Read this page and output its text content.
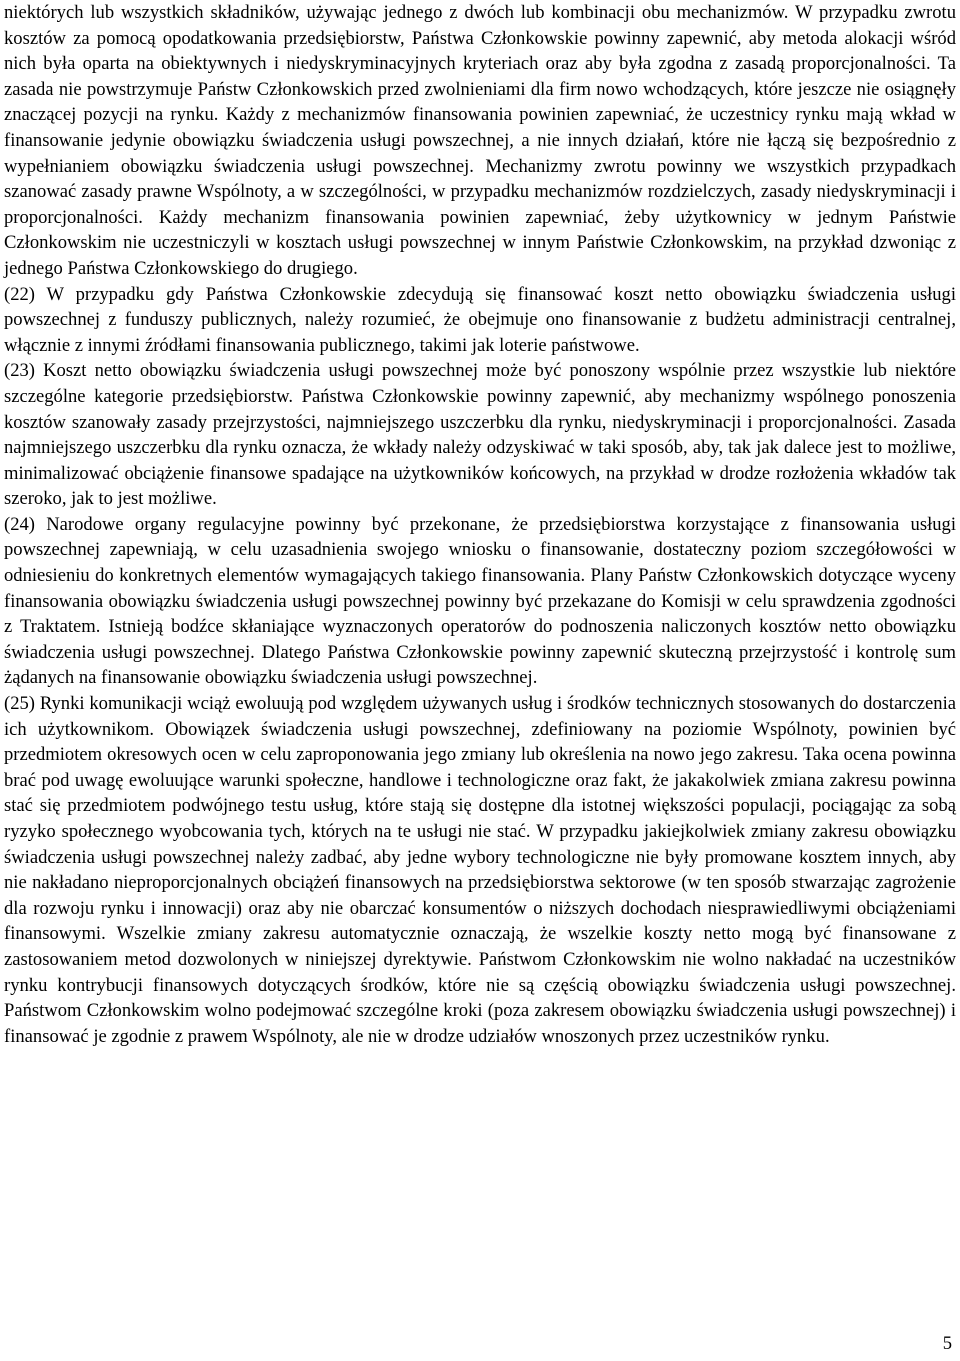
niektórych lub wszystkich składników, używając jednego z dwóch lub kombinacji obu mechanizmów. W przypadku zwrotu kosztów za pomocą opodatkowania przedsiębiorstw, Państwa Członkowskie powinny zapewnić, aby metoda alokacji wśród nich była oparta na obiektywnych i niedyskryminacyjnych kryteriach oraz aby była zgodna z zasadą proporcjonalności. Ta zasada nie powstrzymuje Państw Członkowskich przed zwolnieniami dla firm nowo wchodzących, które jeszcze nie osiągnęły znaczącej pozycji na rynku. Każdy z mechanizmów finansowania powinien zapewniać, że uczestnicy rynku mają wkład w finansowanie jedynie obowiązku świadczenia usługi powszechnej, a nie innych działań, które nie łączą się bezpośrednio z wypełnianiem obowiązku świadczenia usługi powszechnej. Mechanizmy zwrotu powinny we wszystkich przypadkach szanować zasady prawne Wspólnoty, a w szczególności, w przypadku mechanizmów rozdzielczych, zasady niedyskryminacji i proporcjonalności. Każdy mechanizm finansowania powinien zapewniać, żeby użytkownicy w jednym Państwie Członkowskim nie uczestniczyli w kosztach usługi powszechnej w innym Państwie Członkowskim, na przykład dzwoniąc z jednego Państwa Członkowskiego do drugiego.

(22) W przypadku gdy Państwa Członkowskie zdecydują się finansować koszt netto obowiązku świadczenia usługi powszechnej z funduszy publicznych, należy rozumieć, że obejmuje ono finansowanie z budżetu administracji centralnej, włącznie z innymi źródłami finansowania publicznego, takimi jak loterie państwowe.

(23) Koszt netto obowiązku świadczenia usługi powszechnej może być ponoszony wspólnie przez wszystkie lub niektóre szczególne kategorie przedsiębiorstw. Państwa Członkowskie powinny zapewnić, aby mechanizmy wspólnego ponoszenia kosztów szanowały zasady przejrzystości, najmniejszego uszczerbku dla rynku, niedyskryminacji i proporcjonalności. Zasada najmniejszego uszczerbku dla rynku oznacza, że wkłady należy odzyskiwać w taki sposób, aby, tak jak dalece jest to możliwe, minimalizować obciążenie finansowe spadające na użytkowników końcowych, na przykład w drodze rozłożenia wkładów tak szeroko, jak to jest możliwe.

(24) Narodowe organy regulacyjne powinny być przekonane, że przedsiębiorstwa korzystające z finansowania usługi powszechnej zapewniają, w celu uzasadnienia swojego wniosku o finansowanie, dostateczny poziom szczegółowości w odniesieniu do konkretnych elementów wymagających takiego finansowania. Plany Państw Członkowskich dotyczące wyceny finansowania obowiązku świadczenia usługi powszechnej powinny być przekazane do Komisji w celu sprawdzenia zgodności z Traktatem. Istnieją bodźce skłaniające wyznaczonych operatorów do podnoszenia naliczonych kosztów netto obowiązku świadczenia usługi powszechnej. Dlatego Państwa Członkowskie powinny zapewnić skuteczną przejrzystość i kontrolę sum żądanych na finansowanie obowiązku świadczenia usługi powszechnej.

(25) Rynki komunikacji wciąż ewoluują pod względem używanych usług i środków technicznych stosowanych do dostarczenia ich użytkownikom. Obowiązek świadczenia usługi powszechnej, zdefiniowany na poziomie Wspólnoty, powinien być przedmiotem okresowych ocen w celu zaproponowania jego zmiany lub określenia na nowo jego zakresu. Taka ocena powinna brać pod uwagę ewoluujące warunki społeczne, handlowe i technologiczne oraz fakt, że jakakolwiek zmiana zakresu powinna stać się przedmiotem podwójnego testu usług, które stają się dostępne dla istotnej większości populacji, pociągając za sobą ryzyko społecznego wyobcowania tych, których na te usługi nie stać. W przypadku jakiejkolwiek zmiany zakresu obowiązku świadczenia usługi powszechnej należy zadbać, aby jedne wybory technologiczne nie były promowane kosztem innych, aby nie nakładano nieproporcjonalnych obciążeń finansowych na przedsiębiorstwa sektorowe (w ten sposób stwarzając zagrożenie dla rozwoju rynku i innowacji) oraz aby nie obarczać konsumentów o niższych dochodach niesprawiedliwymi obciążeniami finansowymi. Wszelkie zmiany zakresu automatycznie oznaczają, że wszelkie koszty netto mogą być finansowane z zastosowaniem metod dozwolonych w niniejszej dyrektywie. Państwom Członkowskim nie wolno nakładać na uczestników rynku kontrybucji finansowych dotyczących środków, które nie są częścią obowiązku świadczenia usługi powszechnej. Państwom Członkowskim wolno podejmować szczególne kroki (poza zakresem obowiązku świadczenia usługi powszechnej) i finansować je zgodnie z prawem Wspólnoty, ale nie w drodze udziałów wnoszonych przez uczestników rynku.

5
